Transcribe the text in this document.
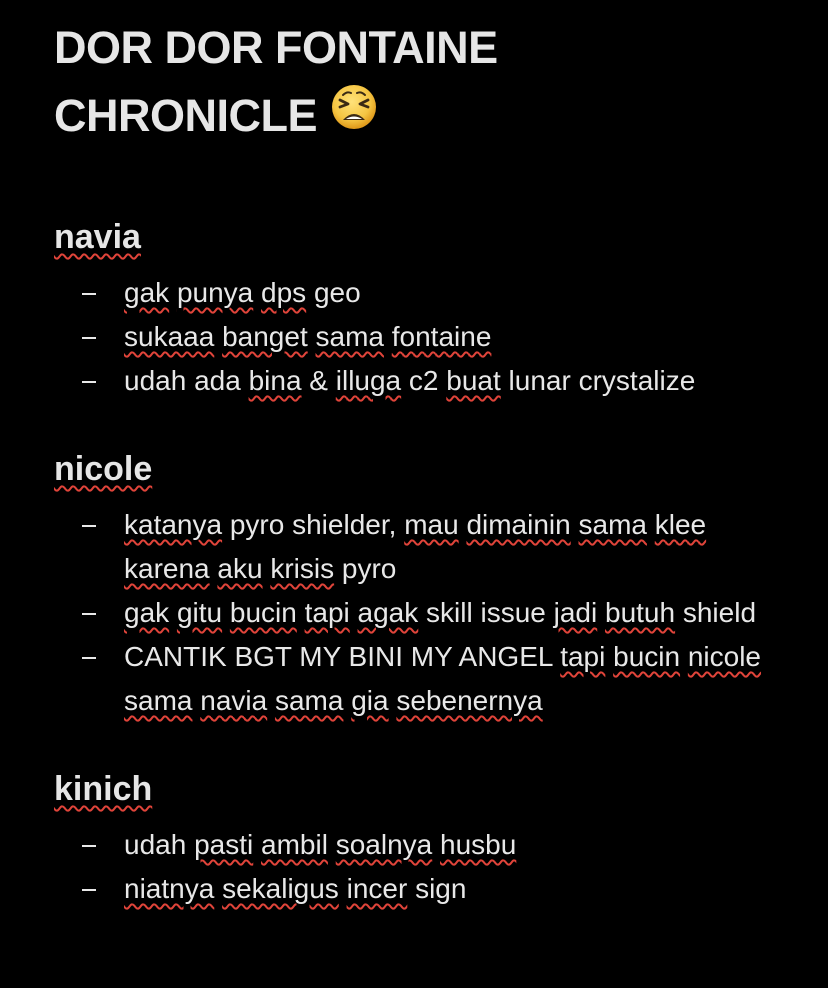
DOR DOR FONTAINE
CHRONICLE
navia
gak punya dps geo
sukaaa banget sama fontaine
udah ada bina & illuga c2 buat lunar crystalize
nicole
katanya pyro shielder, mau dimainin sama klee karena aku krisis pyro
gak gitu bucin tapi agak skill issue jadi butuh shield
CANTIK BGT MY BINI MY ANGEL tapi bucin nicole sama navia sama gia sebenernya
kinich
udah pasti ambil soalnya husbu
niatnya sekaligus incer sign
